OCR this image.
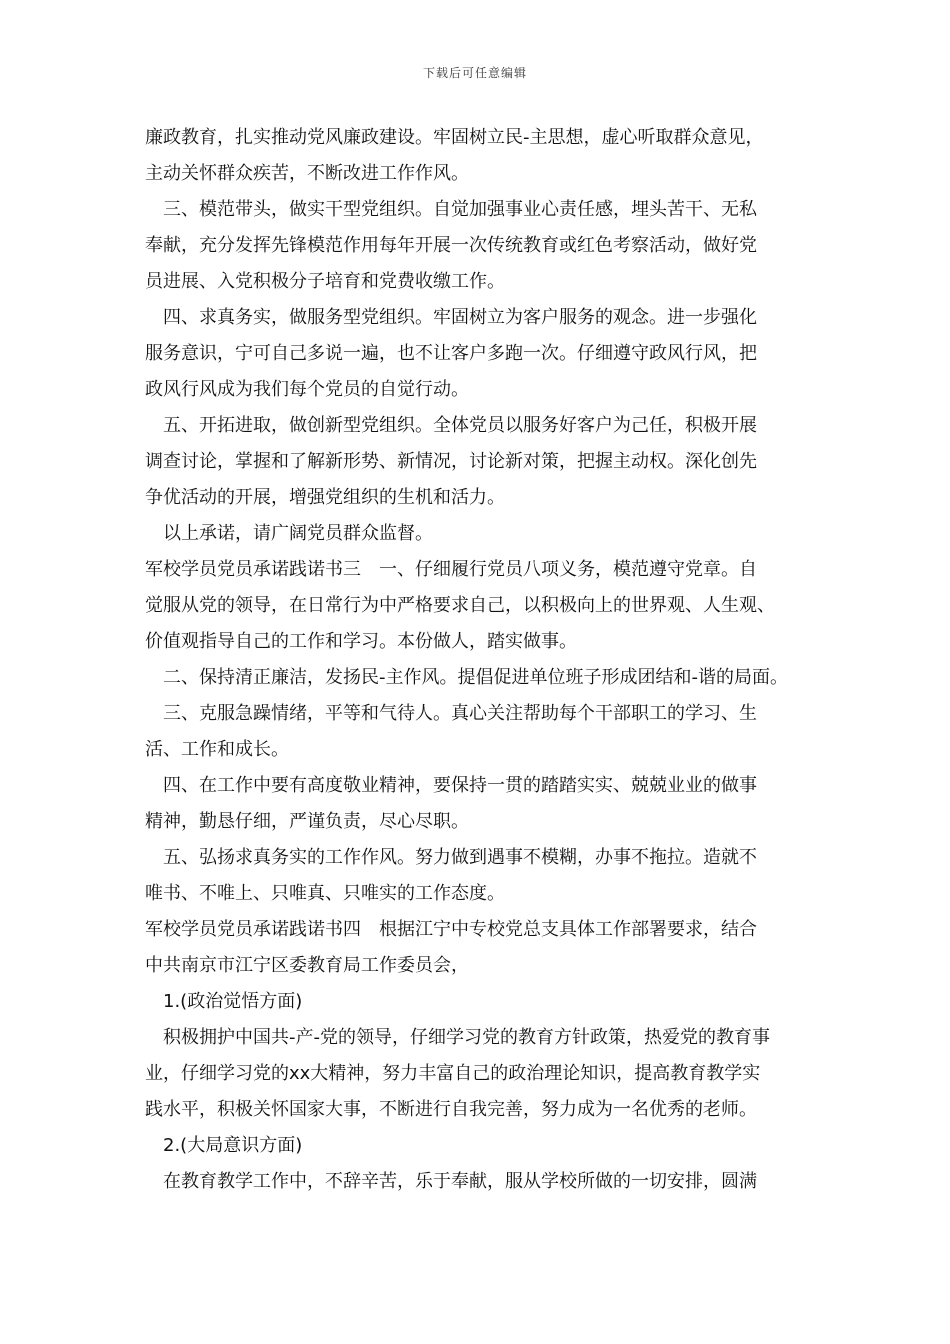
下载后可任意编辑
廉政教育，扎实推动党风廉政建设。牢固树立民-主思想，虚心听取群众意见，
主动关怀群众疾苦，不断改进工作作风。
三、模范带头，做实干型党组织。自觉加强事业心责任感，埋头苦干、无私
奉献，充分发挥先锋模范作用每年开展一次传统教育或红色考察活动，做好党
员进展、入党积极分子培育和党费收缴工作。
四、求真务实，做服务型党组织。牢固树立为客户服务的观念。进一步强化
服务意识，宁可自己多说一遍，也不让客户多跑一次。仔细遵守政风行风，把
政风行风成为我们每个党员的自觉行动。
五、开拓进取，做创新型党组织。全体党员以服务好客户为己任，积极开展
调查讨论，掌握和了解新形势、新情况，讨论新对策，把握主动权。深化创先
争优活动的开展，增强党组织的生机和活力。
以上承诺，请广阔党员群众监督。
军校学员党员承诺践诺书三　一、仔细履行党员八项义务，模范遵守党章。自
觉服从党的领导，在日常行为中严格要求自己，以积极向上的世界观、人生观、
价值观指导自己的工作和学习。本份做人，踏实做事。
二、保持清正廉洁，发扬民-主作风。提倡促进单位班子形成团结和-谐的局面。
三、克服急躁情绪，平等和气待人。真心关注帮助每个干部职工的学习、生
活、工作和成长。
四、在工作中要有高度敬业精神，要保持一贯的踏踏实实、兢兢业业的做事
精神，勤恳仔细，严谨负责，尽心尽职。
五、弘扬求真务实的工作作风。努力做到遇事不模糊，办事不拖拉。造就不
唯书、不唯上、只唯真、只唯实的工作态度。
军校学员党员承诺践诺书四　根据江宁中专校党总支具体工作部署要求，结合
中共南京市江宁区委教育局工作委员会，
1.(政治觉悟方面)
积极拥护中国共-产-党的领导，仔细学习党的教育方针政策，热爱党的教育事
业，仔细学习党的xx大精神，努力丰富自己的政治理论知识，提高教育教学实
践水平，积极关怀国家大事，不断进行自我完善，努力成为一名优秀的老师。
2.(大局意识方面)
在教育教学工作中，不辞辛苦，乐于奉献，服从学校所做的一切安排，圆满
